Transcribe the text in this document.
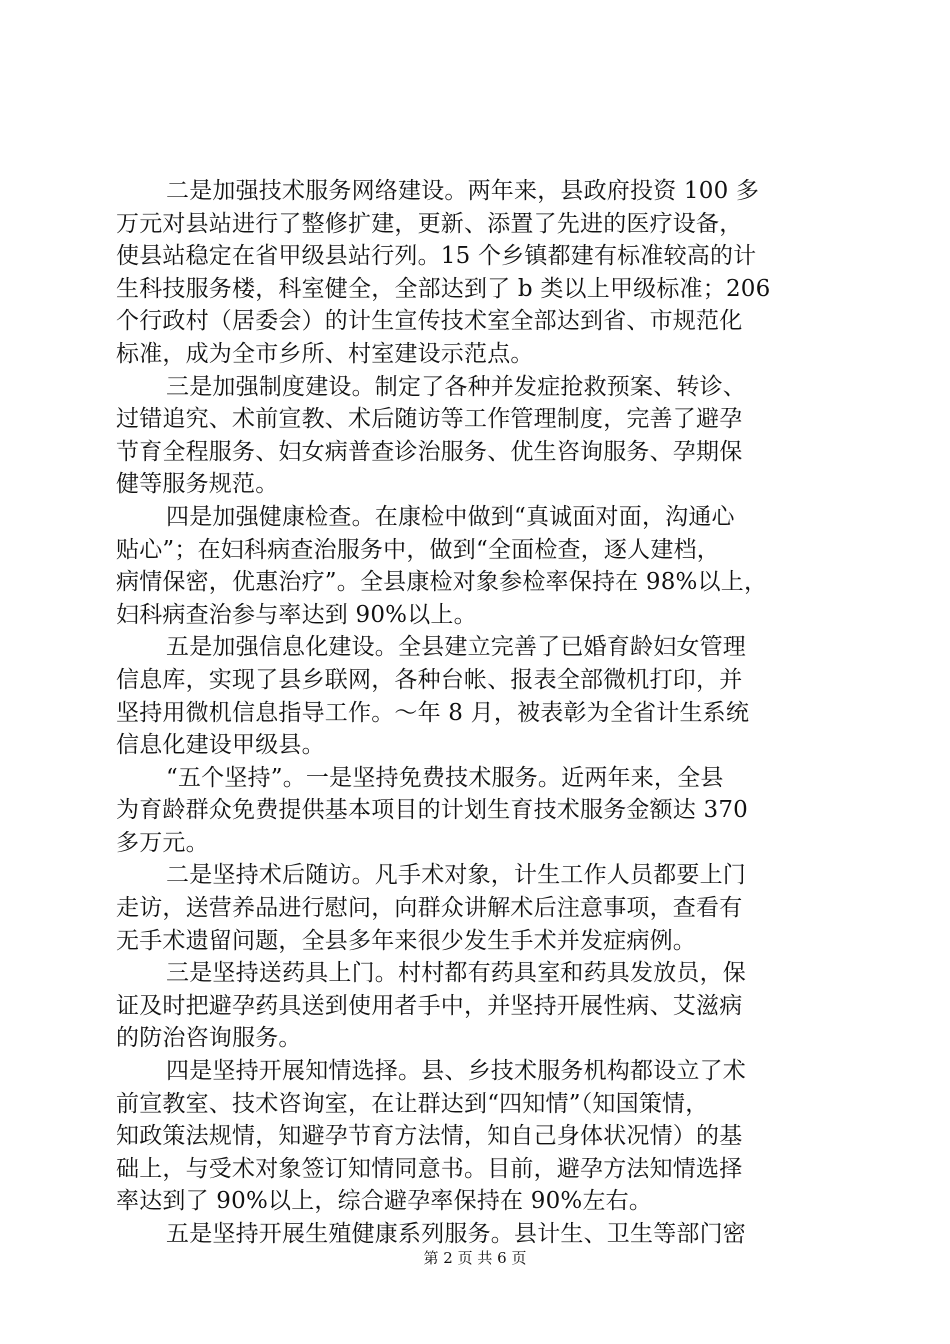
二是加强技术服务网络建设。两年来，县政府投资 100 多
万元对县站进行了整修扩建，更新、添置了先进的医疗设备，
使县站稳定在省甲级县站行列。15 个乡镇都建有标准较高的计
生科技服务楼，科室健全，全部达到了 b 类以上甲级标准；206
个行政村（居委会）的计生宣传技术室全部达到省、市规范化
标准，成为全市乡所、村室建设示范点。
三是加强制度建设。制定了各种并发症抢救预案、转诊、
过错追究、术前宣教、术后随访等工作管理制度，完善了避孕
节育全程服务、妇女病普查诊治服务、优生咨询服务、孕期保
健等服务规范。
四是加强健康检查。在康检中做到“真诚面对面，沟通心
贴心”；在妇科病查治服务中，做到“全面检查，逐人建档，
病情保密，优惠治疗”。全县康检对象参检率保持在 98%以上，
妇科病查治参与率达到 90%以上。
五是加强信息化建设。全县建立完善了已婚育龄妇女管理
信息库，实现了县乡联网，各种台帐、报表全部微机打印，并
坚持用微机信息指导工作。～年 8 月，被表彰为全省计生系统
信息化建设甲级县。
“五个坚持”。一是坚持免费技术服务。近两年来，全县
为育龄群众免费提供基本项目的计划生育技术服务金额达 370
多万元。
二是坚持术后随访。凡手术对象，计生工作人员都要上门
走访，送营养品进行慰问，向群众讲解术后注意事项，查看有
无手术遗留问题，全县多年来很少发生手术并发症病例。
三是坚持送药具上门。村村都有药具室和药具发放员，保
证及时把避孕药具送到使用者手中，并坚持开展性病、艾滋病
的防治咨询服务。
四是坚持开展知情选择。县、乡技术服务机构都设立了术
前宣教室、技术咨询室，在让群达到“四知情”（知国策情，
知政策法规情，知避孕节育方法情，知自己身体状况情）的基
础上，与受术对象签订知情同意书。目前，避孕方法知情选择
率达到了 90%以上，综合避孕率保持在 90%左右。
五是坚持开展生殖健康系列服务。县计生、卫生等部门密
第 2 页 共 6 页
